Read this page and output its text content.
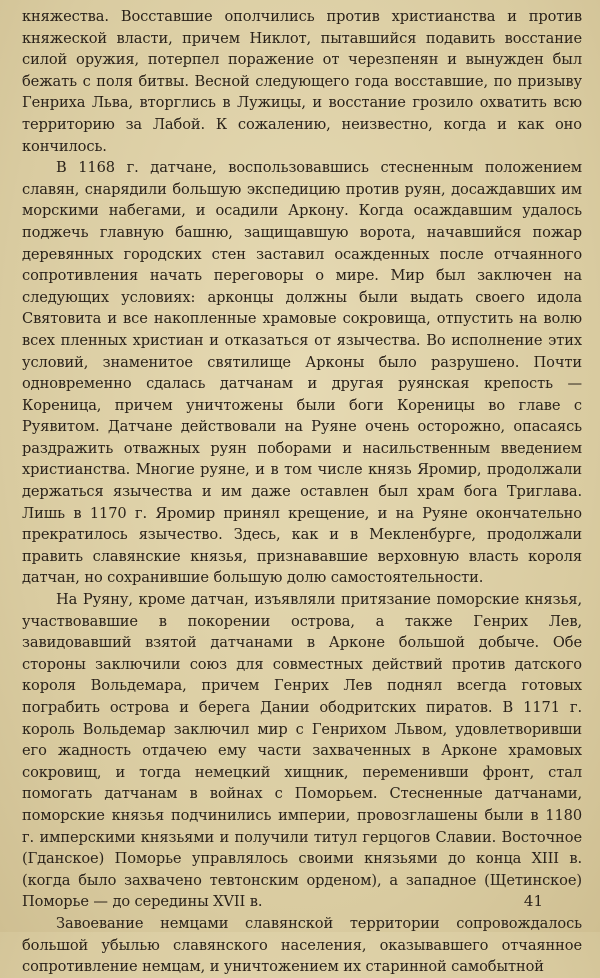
княжества. Восставшие ополчились против христианства и против княжеской власти, причем Никлот, пытавшийся подавить восстание силой оружия, потерпел поражение от черезпенян и вынужден был бежать с поля битвы. Весной следующего года восставшие, по призыву Генриха Льва, вторглись в Лужицы, и восстание грозило охватить всю территорию за Лабой. К сожалению, неизвестно, когда и как оно кончилось.

В 1168 г. датчане, воспользовавшись стесненным положением славян, снарядили большую экспедицию против руян, досаждавших им морскими набегами, и осадили Аркону. Когда осаждавшим удалось поджечь главную башню, защищавшую ворота, начавшийся пожар деревянных городских стен заставил осажденных после отчаянного сопротивления начать переговоры о мире. Мир был заключен на следующих условиях: арконцы должны были выдать своего идола Святовита и все накопленные храмовые сокровища, отпустить на волю всех пленных христиан и отказаться от язычества. Во исполнение этих условий, знаменитое святилище Арконы было разрушено. Почти одновременно сдалась датчанам и другая руянская крепость — Кореница, причем уничтожены были боги Кореницы во главе с Руявитом. Датчане действовали на Руяне очень осторожно, опасаясь раздражить отважных руян поборами и насильственным введением христианства. Многие руяне, и в том числе князь Яромир, продолжали держаться язычества и им даже оставлен был храм бога Триглава. Лишь в 1170 г. Яромир принял крещение, и на Руяне окончательно прекратилось язычество. Здесь, как и в Мекленбурге, продолжали править славянские князья, признававшие верховную власть короля датчан, но сохранившие большую долю самостоятельности.

На Руяну, кроме датчан, изъявляли притязание поморские князья, участвовавшие в покорении острова, а также Генрих Лев, завидовавший взятой датчанами в Арконе большой добыче. Обе стороны заключили союз для совместных действий против датского короля Вольдемара, причем Генрих Лев поднял всегда готовых пограбить острова и берега Дании ободритских пиратов. В 1171 г. король Вольдемар заключил мир с Генрихом Львом, удовлетворивши его жадность отдачею ему части захваченных в Арконе храмовых сокровищ, и тогда немецкий хищник, переменивши фронт, стал помогать датчанам в войнах с Поморьем. Стесненные датчанами, поморские князья подчинились империи, провозглашены были в 1180 г. имперскими князьями и получили титул герцогов Славии. Восточное (Гданское) Поморье управлялось своими князьями до конца XIII в. (когда было захвачено тевтонским орденом), а западное (Щетинское) Поморье — до середины XVII в.

Завоевание немцами славянской территории сопровождалось большой убылью славянского населения, оказывавшего отчаянное сопротивление немцам, и уничтожением их старинной самобытной

41
